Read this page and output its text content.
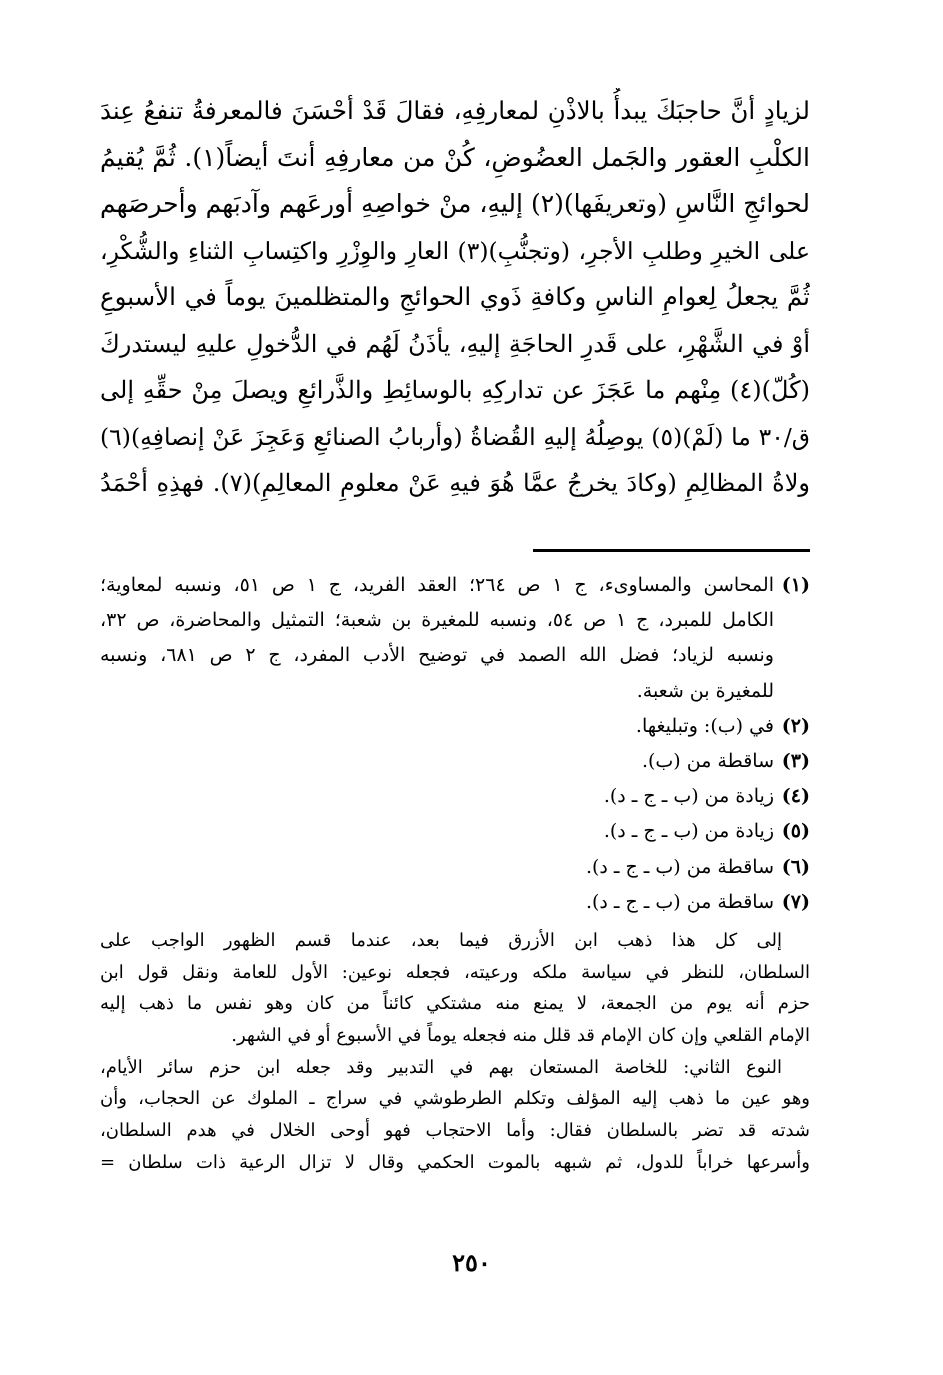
لزيادٍ أنَّ حاجبَكَ يبدأُ بالاذْنِ لمعارفِهِ، فقالَ قَدْ أحْسَنَ فالمعرفةُ تنفعُ عِندَ
الكلْبِ العقور والجَمل العضُوضِ، كُنْ من معارفِهِ أنتَ أيضاً(١). ثُمَّ يُقيمُ
لحوائجِ النَّاسِ (وتعريفَها)(٢) إليهِ، منْ خواصِهِ أورعَهم وآدبَهم وأحرصَهم
على الخيرِ وطلبِ الأجرِ، (وتجنُّبِ)(٣) العارِ والوِزْرِ واكتِسابِ الثناءِ والشُّكْرِ،
ثُمَّ يجعلُ لِعوامِ الناسِ وكافةِ ذَوي الحوائجِ والمتظلمينَ يوماً في الأسبوعِ
أوْ في الشَّهْرِ، على قَدرِ الحاجَةِ إليهِ، يأذَنُ لَهُم في الدُّخولِ عليهِ ليستدركَ
(كُلّ)(٤) مِنْهم ما عَجَزَ عن تداركِهِ بالوسائِطِ والذَّرائعِ ويصلَ مِنْ حقِّهِ إلى
ق/٣٠ ما (لَمْ)(٥) يوصِلُهُ إليهِ القُضاةُ (وأربابُ الصنائعِ وَعَجِزَ عَنْ إنصافِهِ)(٦)
ولاةُ المظالِمِ (وكادَ يخرجُ عمَّا هُوَ فيهِ عَنْ معلومِ المعالِمِ)(٧). فهذِهِ أحْمَدُ
(١)المحاسن والمساوىء، ج ١ ص ٢٦٤؛ العقد الفريد، ج ١ ص ٥١، ونسبه لمعاوية؛
الكامل للمبرد، ج ١ ص ٥٤، ونسبه للمغيرة بن شعبة؛ التمثيل والمحاضرة، ص ٣٢،
ونسبه لزياد؛ فضل الله الصمد في توضيح الأدب المفرد، ج ٢ ص ٦٨١، ونسبه
للمغيرة بن شعبة.
(٢)في (ب): وتبليغها.
(٣)ساقطة من (ب).
(٤)زيادة من (ب ـ ج ـ د).
(٥)زيادة من (ب ـ ج ـ د).
(٦)ساقطة من (ب ـ ج ـ د).
(٧)ساقطة من (ب ـ ج ـ د).
إلى كل هذا ذهب ابن الأزرق فيما بعد، عندما قسم الظهور الواجب على
السلطان، للنظر في سياسة ملكه ورعيته، فجعله نوعين: الأول للعامة ونقل قول ابن
حزم أنه يوم من الجمعة، لا يمنع منه مشتكي كائناً من كان وهو نفس ما ذهب إليه
الإمام القلعي وإن كان الإمام قد قلل منه فجعله يوماً في الأسبوع أو في الشهر.
النوع الثاني: للخاصة المستعان بهم في التدبير وقد جعله ابن حزم سائر الأيام،
وهو عين ما ذهب إليه المؤلف وتكلم الطرطوشي في سراج ـ الملوك عن الحجاب، وأن
شدته قد تضر بالسلطان فقال: وأما الاحتجاب فهو أوحى الخلال في هدم السلطان،
وأسرعها خراباً للدول، ثم شبهه بالموت الحكمي وقال لا تزال الرعية ذات سلطان =
٢٥٠
